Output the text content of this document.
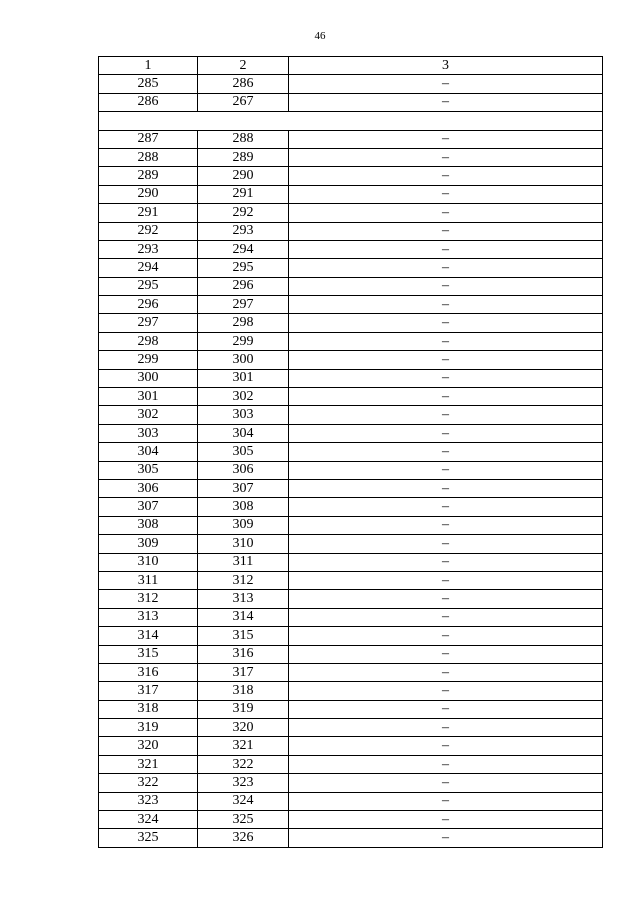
46
1	2	3
285	286	–
286	267	–

287	288	–
288	289	–
289	290	–
290	291	–
291	292	–
292	293	–
293	294	–
294	295	–
295	296	–
296	297	–
297	298	–
298	299	–
299	300	–
300	301	–
301	302	–
302	303	–
303	304	–
304	305	–
305	306	–
306	307	–
307	308	–
308	309	–
309	310	–
310	311	–
311	312	–
312	313	–
313	314	–
314	315	–
315	316	–
316	317	–
317	318	–
318	319	–
319	320	–
320	321	–
321	322	–
322	323	–
323	324	–
324	325	–
325	326	–
